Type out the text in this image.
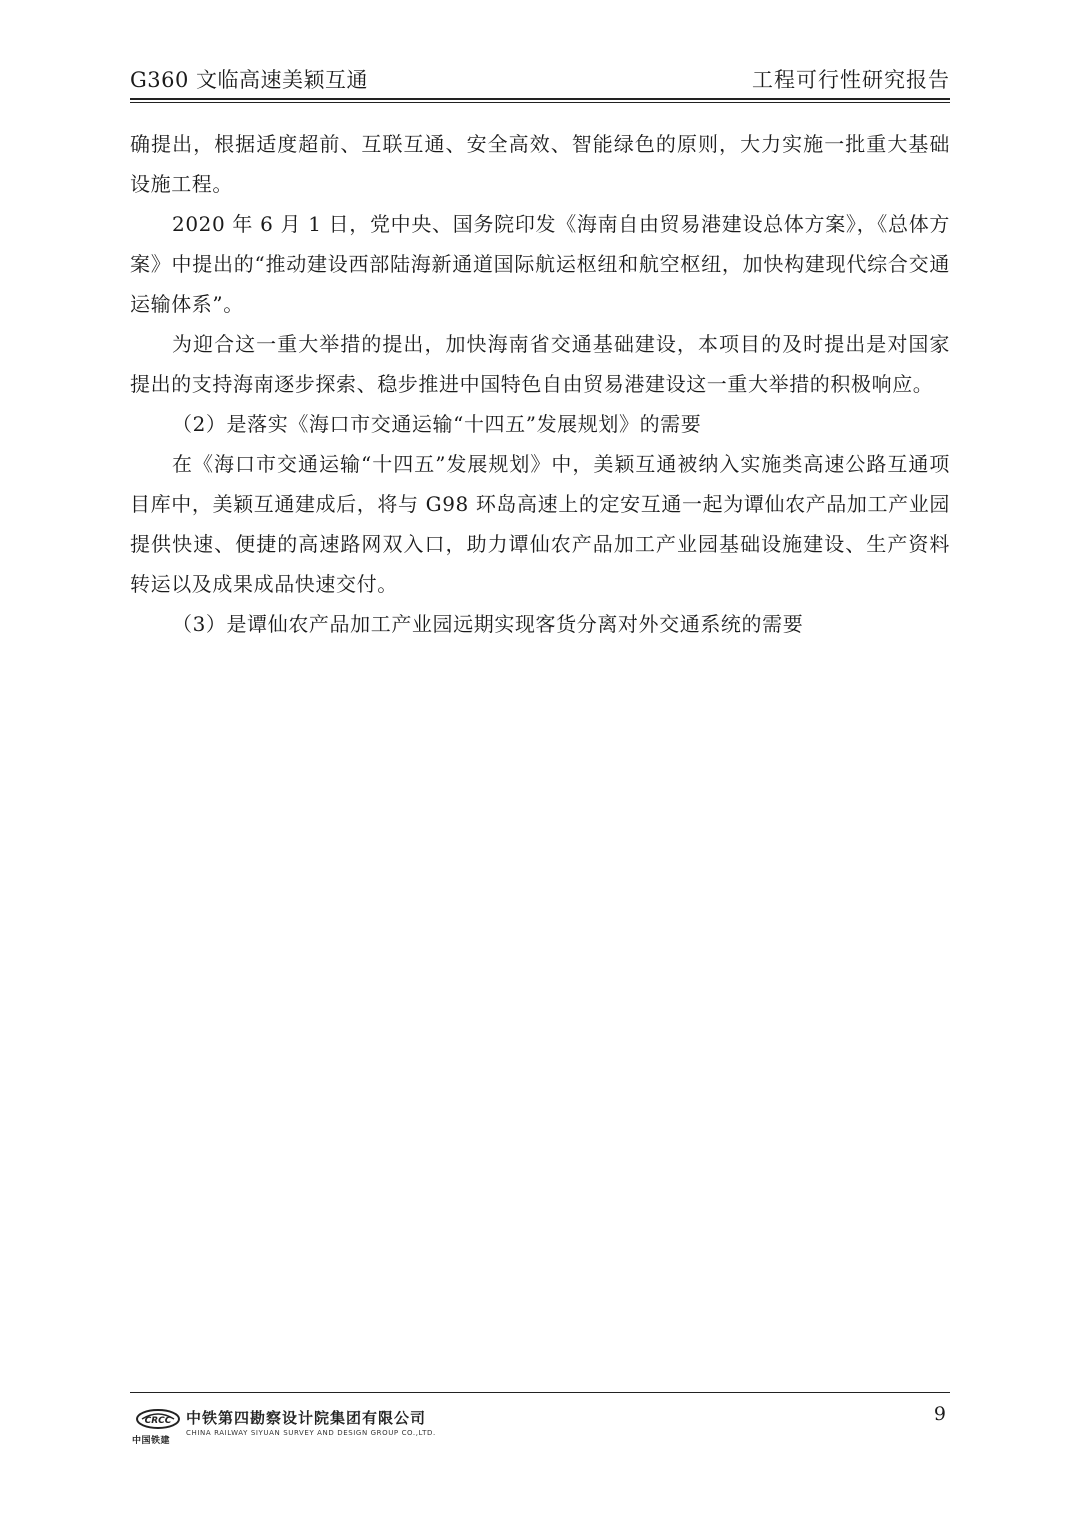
G360 文临高速美颖互通	工程可行性研究报告

确提出，根据适度超前、互联互通、安全高效、智能绿色的原则，大力实施一批重大基础设施工程。

2020 年 6 月 1 日，党中央、国务院印发《海南自由贸易港建设总体方案》，《总体方案》中提出的“推动建设西部陆海新通道国际航运枢纽和航空枢纽，加快构建现代综合交通运输体系”。

为迎合这一重大举措的提出，加快海南省交通基础建设，本项目的及时提出是对国家提出的支持海南逐步探索、稳步推进中国特色自由贸易港建设这一重大举措的积极响应。

（2）是落实《海口市交通运输“十四五”发展规划》的需要

在《海口市交通运输“十四五”发展规划》中，美颖互通被纳入实施类高速公路互通项目库中，美颖互通建成后，将与 G98 环岛高速上的定安互通一起为谭仙农产品加工产业园提供快速、便捷的高速路网双入口，助力谭仙农产品加工产业园基础设施建设、生产资料转运以及成果成品快速交付。

（3）是谭仙农产品加工产业园远期实现客货分离对外交通系统的需要

CRCC
中国铁建
中铁第四勘察设计院集团有限公司
CHINA RAILWAY SIYUAN SURVEY AND DESIGN GROUP CO.,LTD.
9
